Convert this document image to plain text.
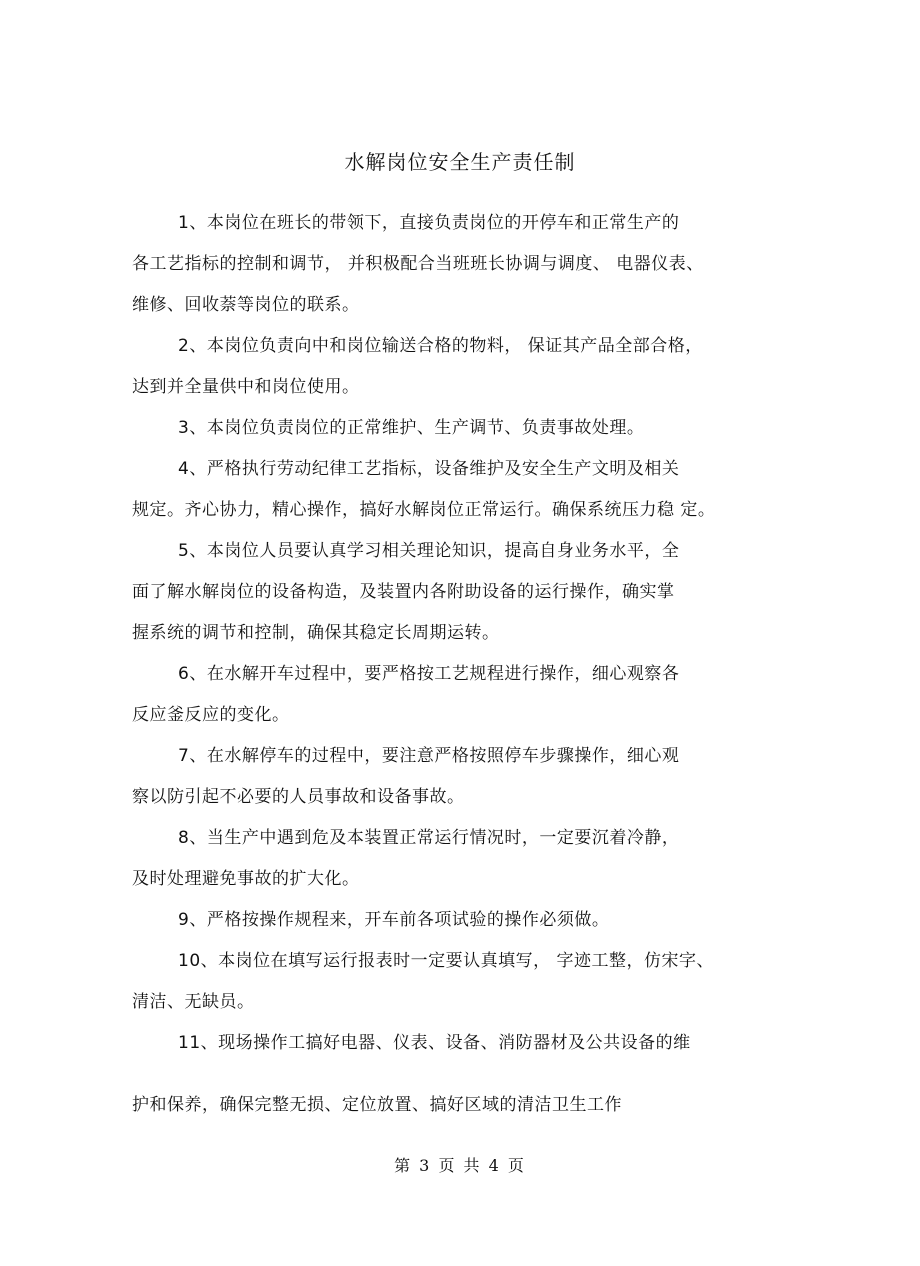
水解岗位安全生产责任制
1、本岗位在班长的带领下，直接负责岗位的开停车和正常生产的
各工艺指标的控制和调节， 并积极配合当班班长协调与调度、 电器仪表、
维修、回收萘等岗位的联系。
2、本岗位负责向中和岗位输送合格的物料， 保证其产品全部合格，
达到并全量供中和岗位使用。
3、本岗位负责岗位的正常维护、生产调节、负责事故处理。
4、严格执行劳动纪律工艺指标，设备维护及安全生产文明及相关
规定。齐心协力，精心操作，搞好水解岗位正常运行。确保系统压力稳 定。
5、本岗位人员要认真学习相关理论知识，提高自身业务水平，全
面了解水解岗位的设备构造，及装置内各附助设备的运行操作，确实掌
握系统的调节和控制，确保其稳定长周期运转。
6、在水解开车过程中，要严格按工艺规程进行操作，细心观察各
反应釜反应的变化。
7、在水解停车的过程中，要注意严格按照停车步骤操作，细心观
察以防引起不必要的人员事故和设备事故。
8、当生产中遇到危及本装置正常运行情况时，一定要沉着冷静，
及时处理避免事故的扩大化。
9、严格按操作规程来，开车前各项试验的操作必须做。
10、本岗位在填写运行报表时一定要认真填写， 字迹工整，仿宋字、
清洁、无缺员。
11、现场操作工搞好电器、仪表、设备、消防器材及公共设备的维
护和保养，确保完整无损、定位放置、搞好区域的清洁卫生工作
第 3 页 共 4 页
